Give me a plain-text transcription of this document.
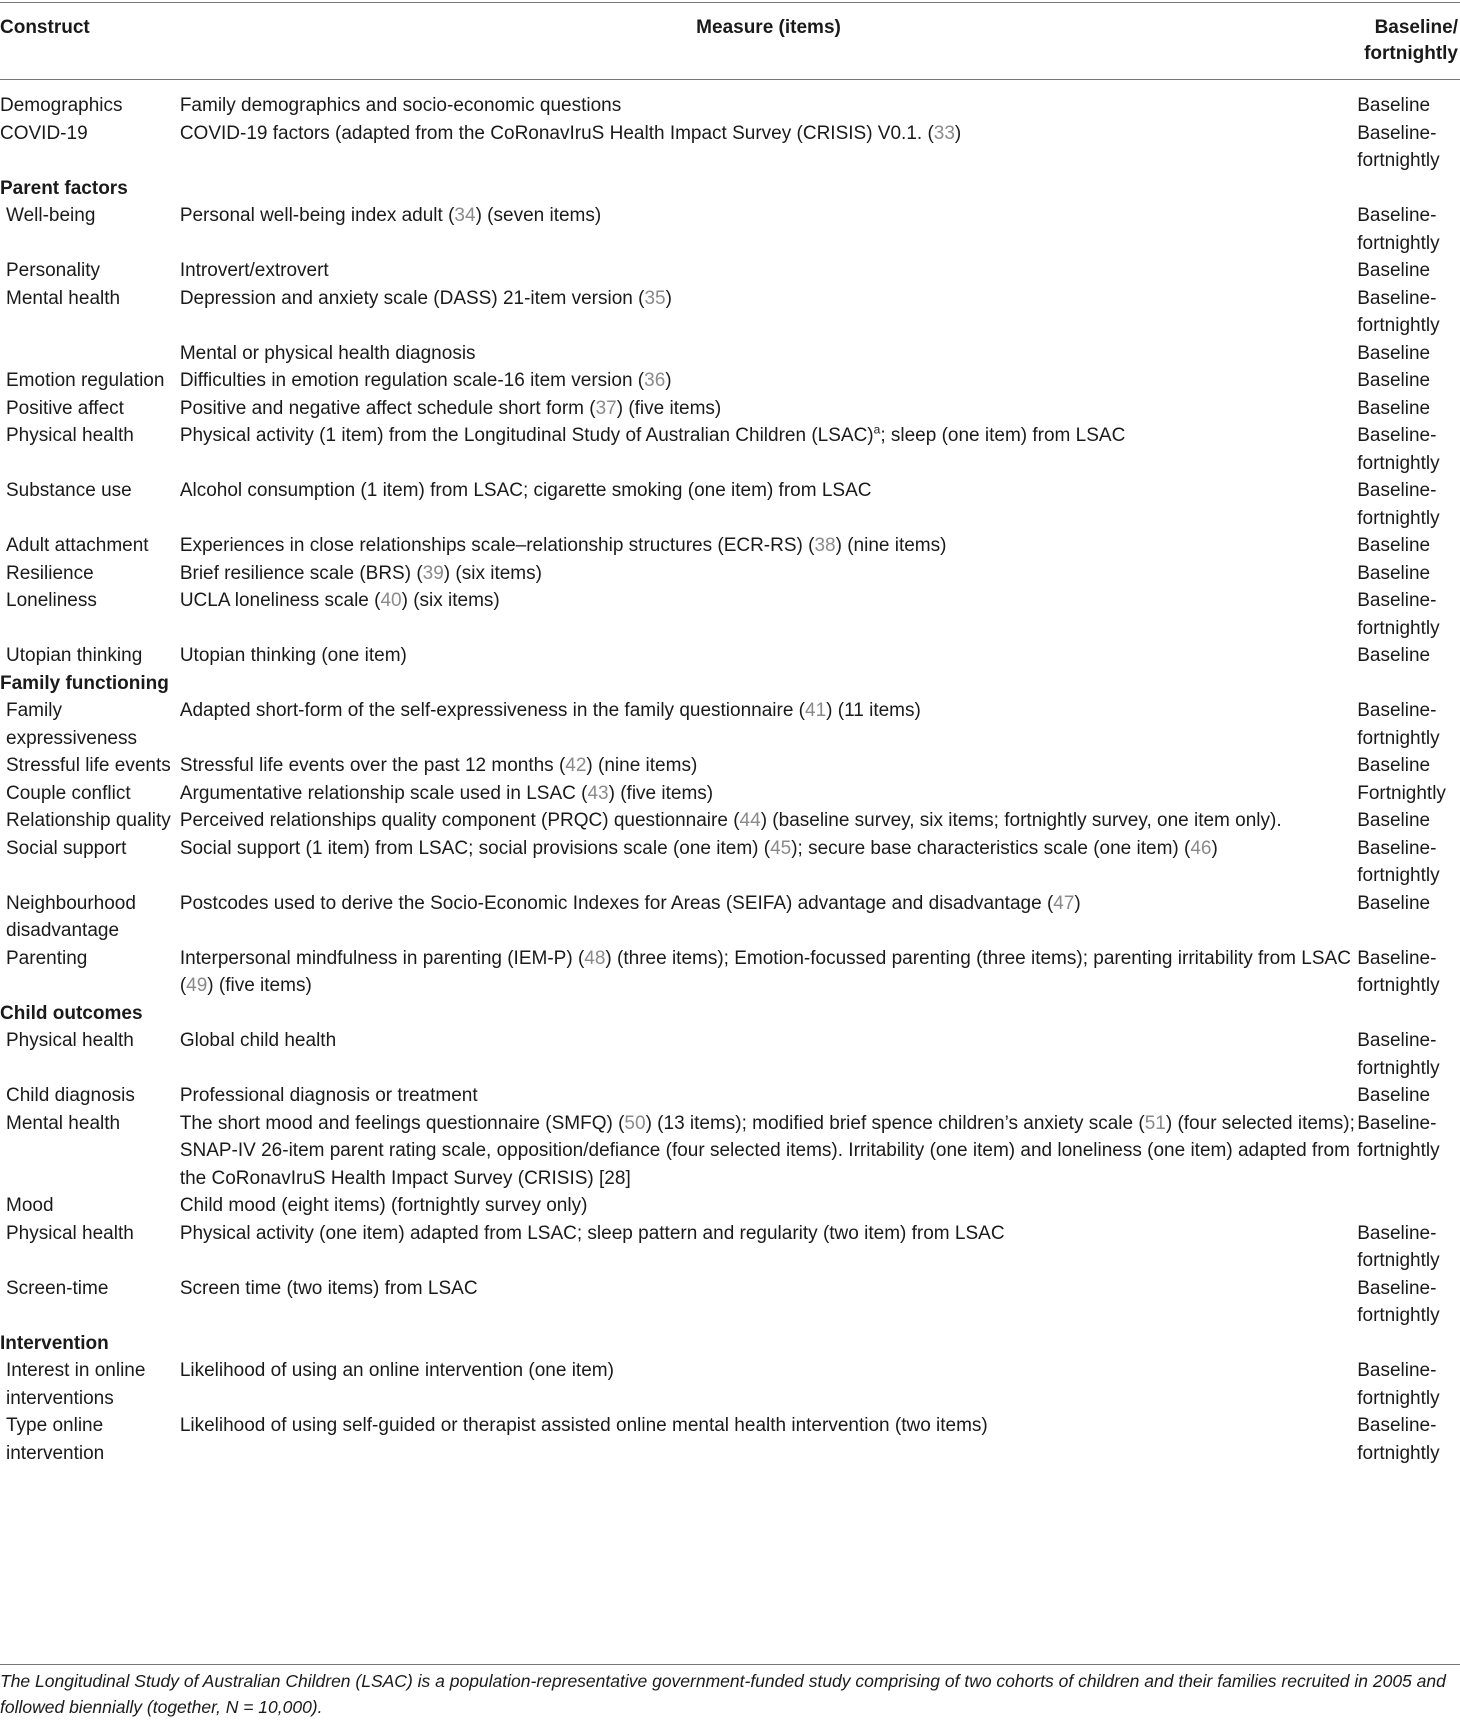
Construct	Measure (items)	Baseline/
fortnightly
Demographics	Family demographics and socio-economic questions	Baseline
COVID-19	COVID-19 factors (adapted from the CoRonavIruS Health Impact Survey (CRISIS) V0.1. (33)	Baseline-
fortnightly
Parent factors		
Well-being	Personal well-being index adult (34) (seven items)	Baseline-
fortnightly
Personality	Introvert/extrovert	Baseline
Mental health	Depression and anxiety scale (DASS) 21-item version (35)	Baseline-
fortnightly
	Mental or physical health diagnosis	Baseline
Emotion regulation	Difficulties in emotion regulation scale-16 item version (36)	Baseline
Positive affect	Positive and negative affect schedule short form (37) (five items)	Baseline
Physical health	Physical activity (1 item) from the Longitudinal Study of Australian Children (LSAC)$^a$; sleep (one item) from LSAC	Baseline-
fortnightly
Substance use	Alcohol consumption (1 item) from LSAC; cigarette smoking (one item) from LSAC	Baseline-
fortnightly
Adult attachment	Experiences in close relationships scale–relationship structures (ECR-RS) (38) (nine items)	Baseline
Resilience	Brief resilience scale (BRS) (39) (six items)	Baseline
Loneliness	UCLA loneliness scale (40) (six items)	Baseline-
fortnightly
Utopian thinking	Utopian thinking (one item)	Baseline
Family functioning		
Family expressiveness	Adapted short-form of the self-expressiveness in the family questionnaire (41) (11 items)	Baseline-
fortnightly
Stressful life events	Stressful life events over the past 12 months (42) (nine items)	Baseline
Couple conflict	Argumentative relationship scale used in LSAC (43) (five items)	Fortnightly
Relationship quality	Perceived relationships quality component (PRQC) questionnaire (44) (baseline survey, six items; fortnightly survey, one item only).	Baseline
Social support	Social support (1 item) from LSAC; social provisions scale (one item) (45); secure base characteristics scale (one item) (46)	Baseline-
fortnightly
Neighbourhood disadvantage	Postcodes used to derive the Socio-Economic Indexes for Areas (SEIFA) advantage and disadvantage (47)	Baseline
Parenting	Interpersonal mindfulness in parenting (IEM-P) (48) (three items); Emotion-focussed parenting (three items); parenting irritability from LSAC (49) (five items)	Baseline-
fortnightly
Child outcomes		
Physical health	Global child health	Baseline-
fortnightly
Child diagnosis	Professional diagnosis or treatment	Baseline
Mental health	The short mood and feelings questionnaire (SMFQ) (50) (13 items); modified brief spence children’s anxiety scale (51) (four selected items); SNAP-IV 26-item parent rating scale, opposition/defiance (four selected items). Irritability (one item) and loneliness (one item) adapted from the CoRonavIruS Health Impact Survey (CRISIS) [28]	Baseline-
fortnightly
Mood	Child mood (eight items) (fortnightly survey only)	
Physical health	Physical activity (one item) adapted from LSAC; sleep pattern and regularity (two item) from LSAC	Baseline-
fortnightly
Screen-time	Screen time (two items) from LSAC	Baseline-
fortnightly
Intervention		
Interest in online interventions	Likelihood of using an online intervention (one item)	Baseline-
fortnightly
Type online intervention	Likelihood of using self-guided or therapist assisted online mental health intervention (two items)	Baseline-
fortnightly
The Longitudinal Study of Australian Children (LSAC) is a population-representative government-funded study comprising of two cohorts of children and their families recruited in 2005 and followed biennially (together, N = 10,000).
